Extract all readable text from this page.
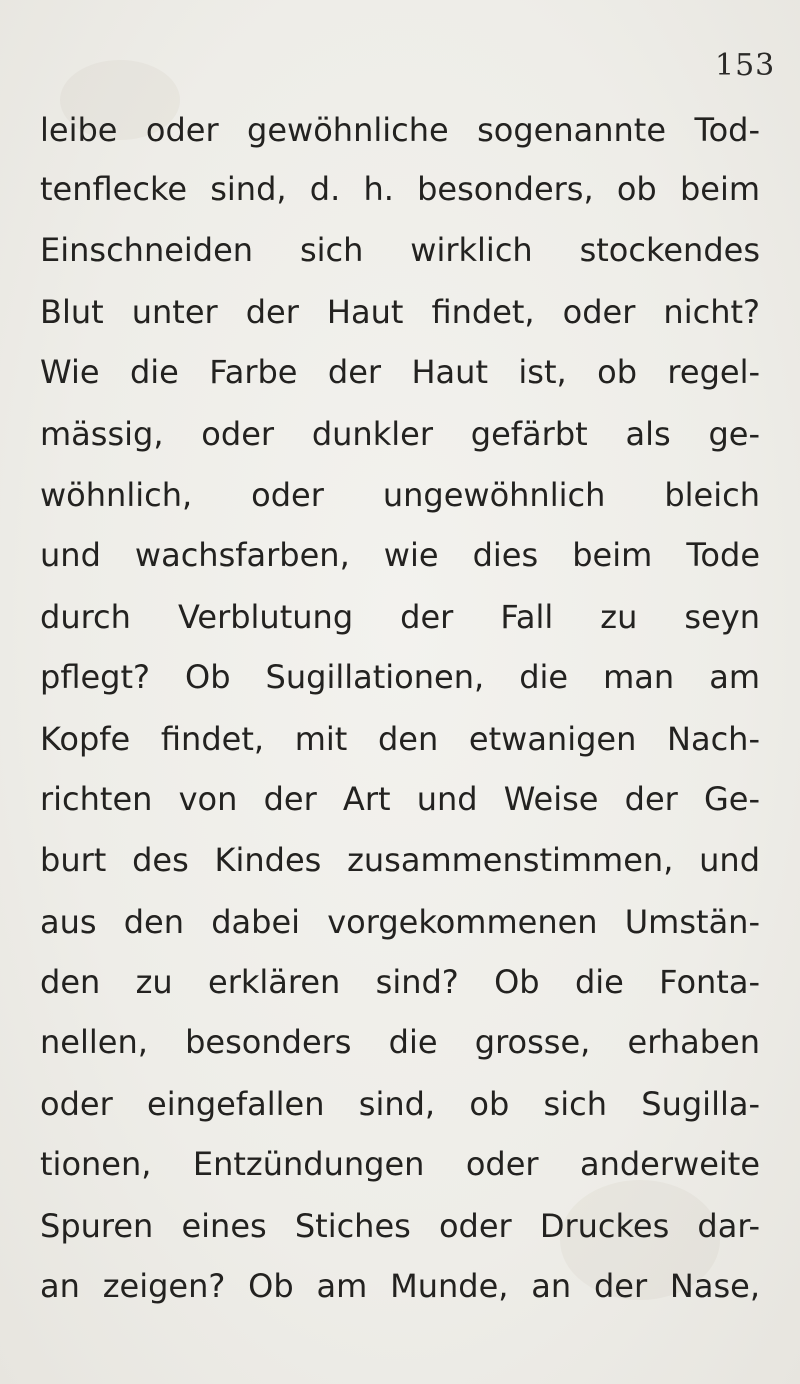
153
leibe oder gewöhnliche sogenannte Tod-
tenflecke sind, d. h. besonders, ob beim
Einschneiden sich wirklich stockendes
Blut unter der Haut findet, oder nicht?
Wie die Farbe der Haut ist, ob regel-
mässig, oder dunkler gefärbt als ge-
wöhnlich, oder ungewöhnlich bleich
und wachsfarben, wie dies beim Tode
durch Verblutung der Fall zu seyn
pflegt? Ob Sugillationen, die man am
Kopfe findet, mit den etwanigen Nach-
richten von der Art und Weise der Ge-
burt des Kindes zusammenstimmen, und
aus den dabei vorgekommenen Umstän-
den zu erklären sind? Ob die Fonta-
nellen, besonders die grosse, erhaben
oder eingefallen sind, ob sich Sugilla-
tionen, Entzündungen oder anderweite
Spuren eines Stiches oder Druckes dar-
an zeigen? Ob am Munde, an der Nase,
